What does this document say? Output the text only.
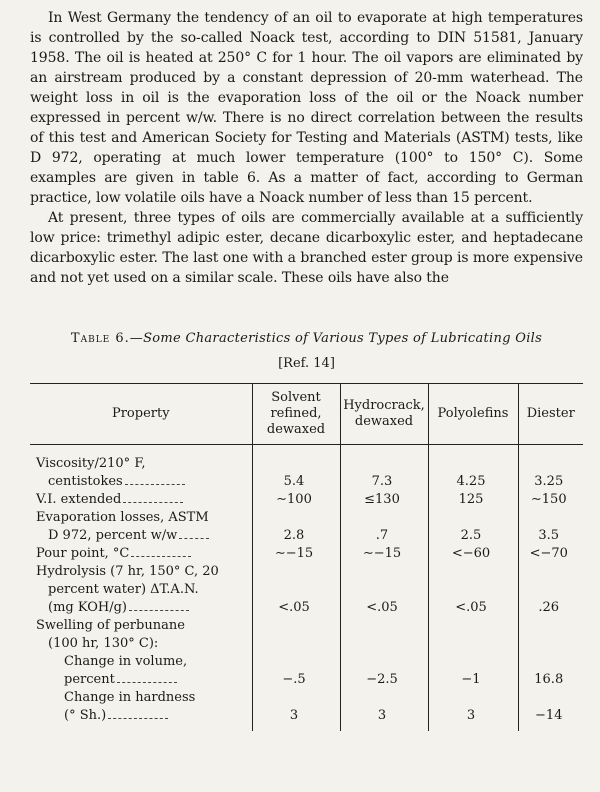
In West Germany the tendency of an oil to evaporate at high temperatures is controlled by the so-called Noack test, according to DIN 51581, January 1958. The oil is heated at 250° C for 1 hour. The oil vapors are eliminated by an airstream produced by a constant depression of 20-mm waterhead. The weight loss in oil is the evaporation loss of the oil or the Noack number expressed in percent w/w. There is no direct correlation between the results of this test and American Society for Testing and Materials (ASTM) tests, like D 972, operating at much lower temperature (100° to 150° C). Some examples are given in table 6. As a matter of fact, according to German practice, low volatile oils have a Noack number of less than 15 percent.

At present, three types of oils are commercially available at a sufficiently low price: trimethyl adipic ester, decane dicarboxylic ester, and heptadecane dicarboxylic ester. The last one with a branched ester group is more expensive and not yet used on a similar scale. These oils have also the

Table 6.—Some Characteristics of Various Types of Lubricating Oils
[Ref. 14]
Property	Solvent refined, dewaxed	Hydrocrack, dewaxed	Polyolefins	Diester
Viscosity/210° F,
centistokes	5.4	7.3	4.25	3.25
V.I. extended	∼100	≤130	125	∼150
Evaporation losses, ASTM
D 972, percent w/w	2.8	.7	2.5	3.5
Pour point, °C	∼−15	∼−15	<−60	<−70
Hydrolysis (7 hr, 150° C, 20
percent water) ΔT.A.N.
(mg KOH/g)	<.05	<.05	<.05	.26
Swelling of perbunane
(100 hr, 130° C):				

Change in volume,
percent	−.5	−2.5	−1	16.8

Change in hardness
(° Sh.)	3	3	3	−14
